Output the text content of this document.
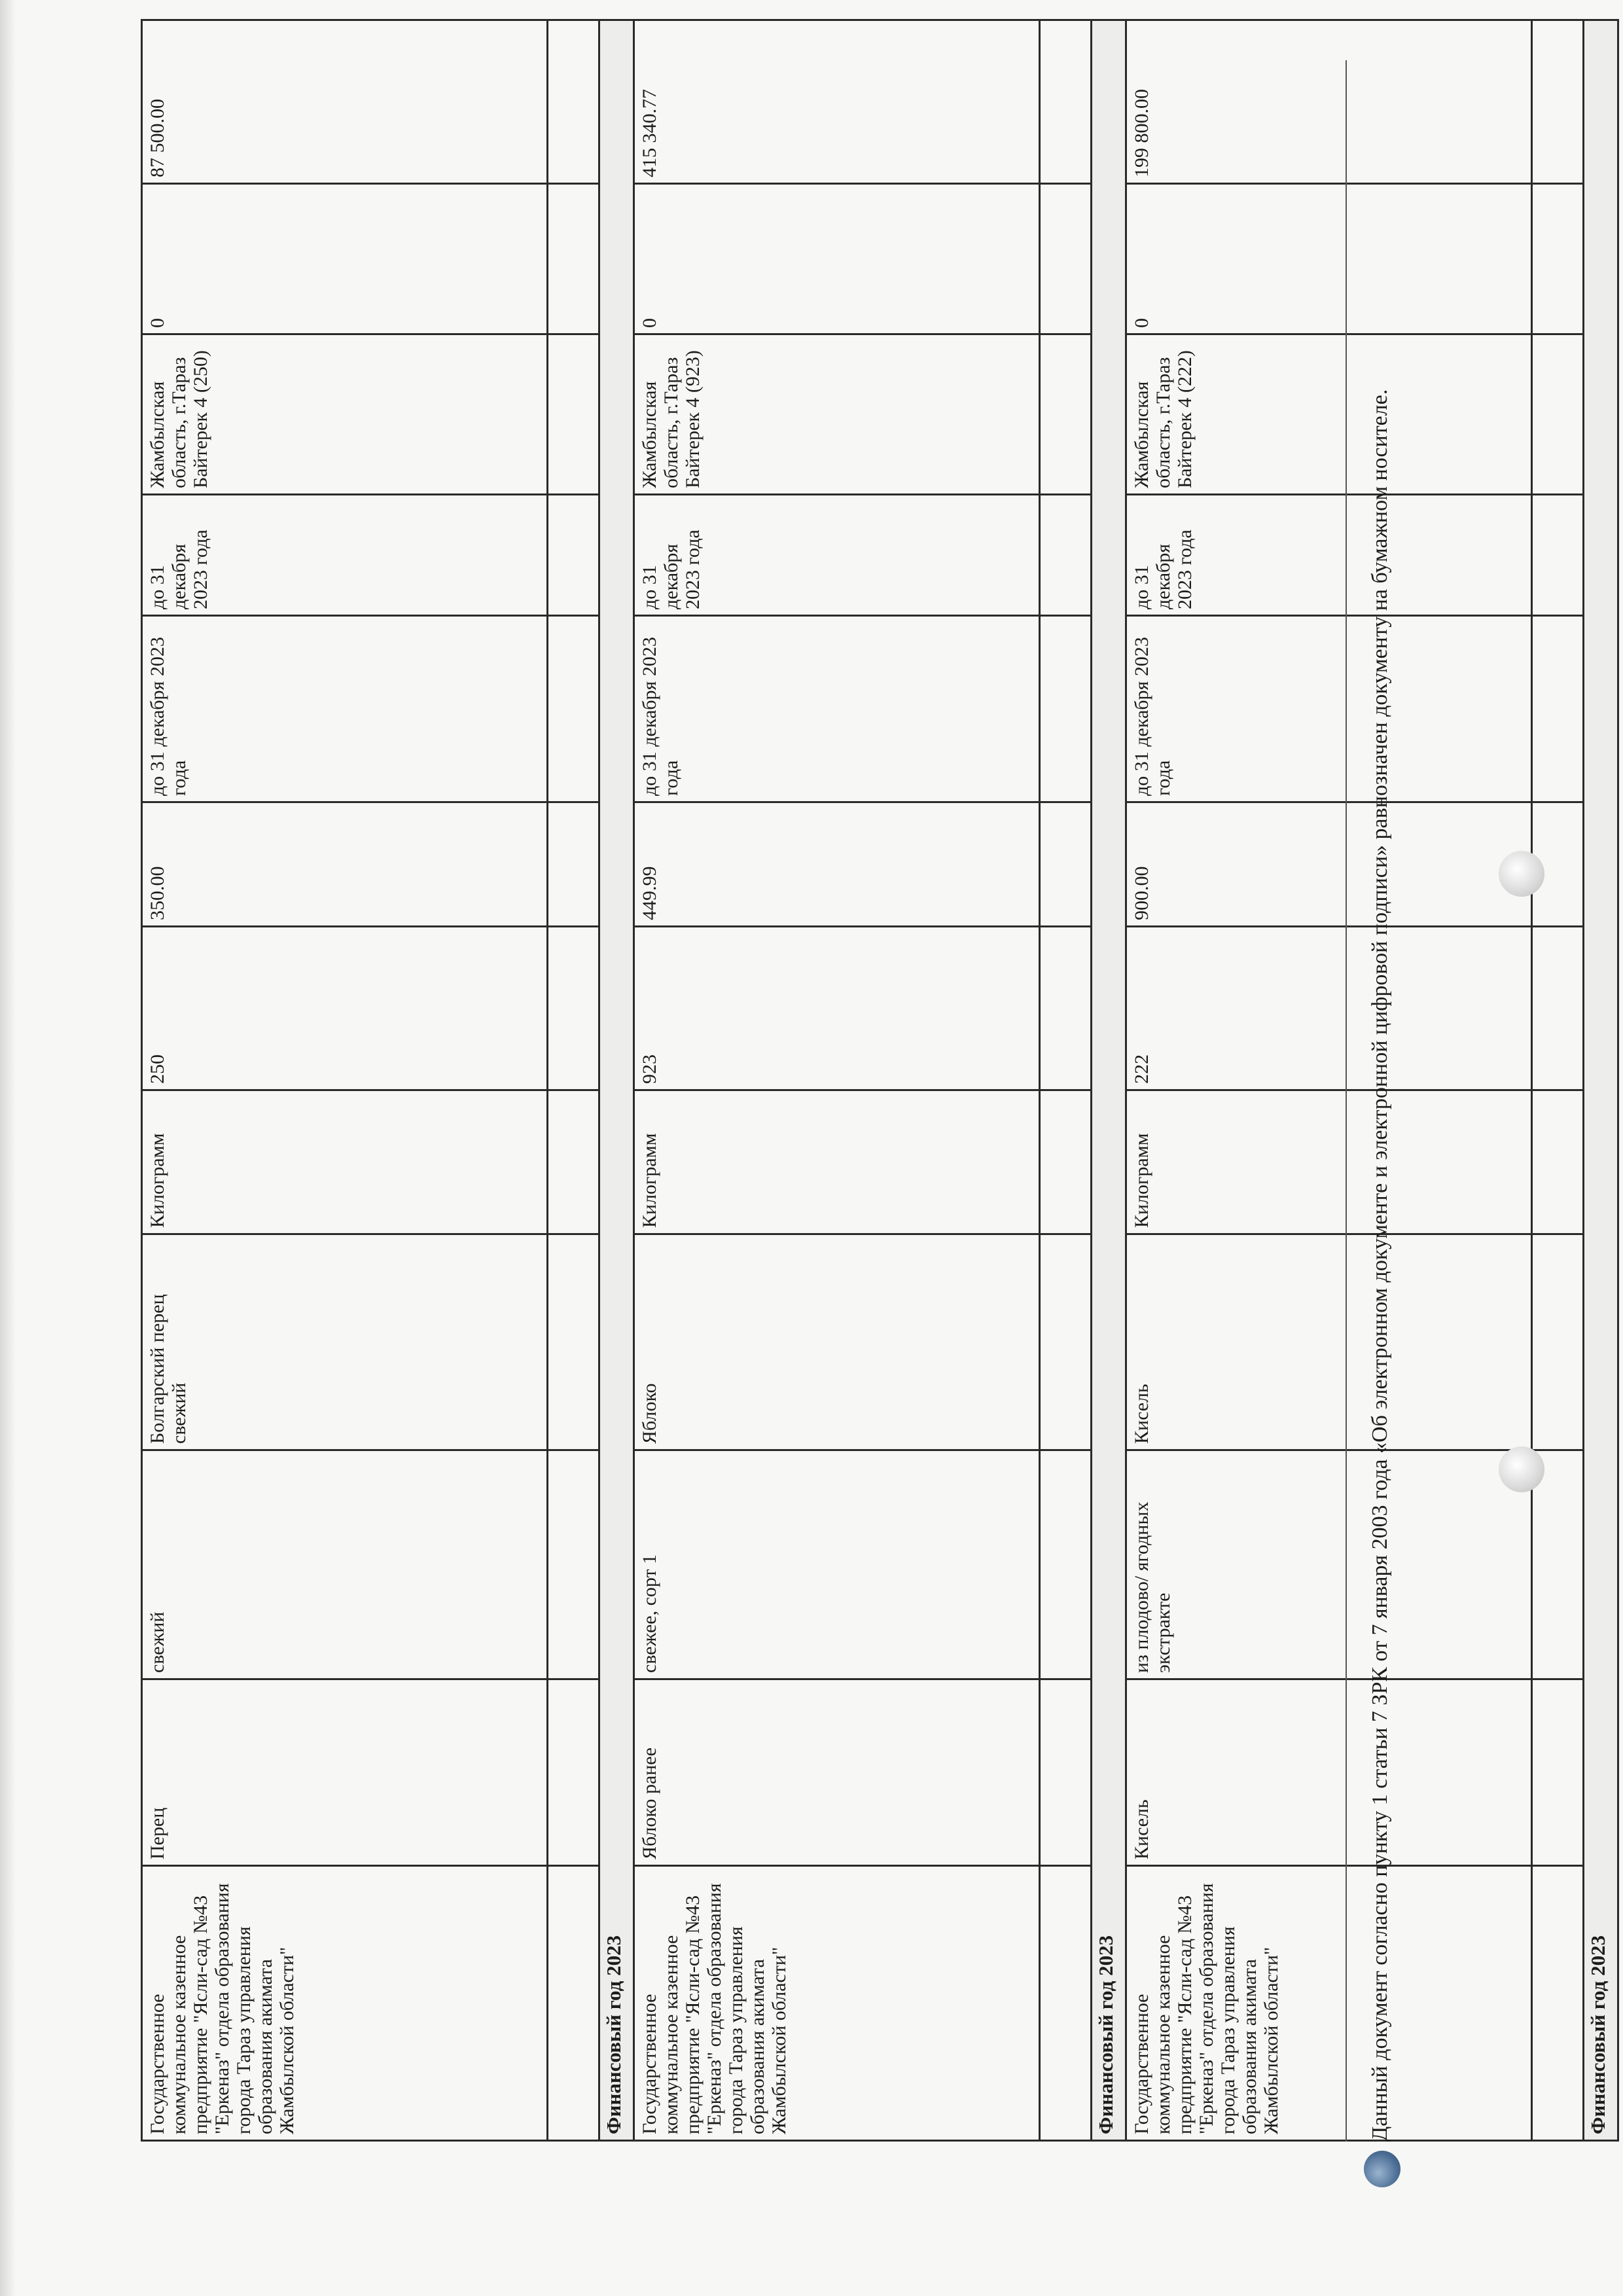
Государственное коммунальное казенное предприятие "Ясли-сад №43 "Еркеназ" отдела образования города Тараз управления образования акимата Жамбылской области"	Перец	свежий	Болгарский перец свежий	Килограмм	250	350.00	до 31 декабря 2023 года	до 31 декабря 2023 года	Жамбылская область, г.Тараз Байтерек 4 (250)	0	87 500.00

Финансовый год 2023											
Государственное коммунальное казенное предприятие "Ясли-сад №43 "Еркеназ" отдела образования города Тараз управления образования акимата Жамбылской области"	Яблоко ранее	свежее, сорт 1	Яблоко	Килограмм	923	449.99	до 31 декабря 2023 года	до 31 декабря 2023 года	Жамбылская область, г.Тараз Байтерек 4 (923)	0	415 340.77

Финансовый год 2023											
Государственное коммунальное казенное предприятие "Ясли-сад №43 "Еркеназ" отдела образования города Тараз управления образования акимата Жамбылской области"	Кисель	из плодово/ ягодных экстракте	Кисель	Килограмм	222	900.00	до 31 декабря 2023 года	до 31 декабря 2023 года	Жамбылская область, г.Тараз Байтерек 4 (222)	0	199 800.00

Финансовый год 2023											
Данный документ согласно пункту 1 статьи 7 ЗРК от 7 января 2003 года «Об электронном документе и электронной цифровой подписи» равнозначен документу на бумажном носителе.
